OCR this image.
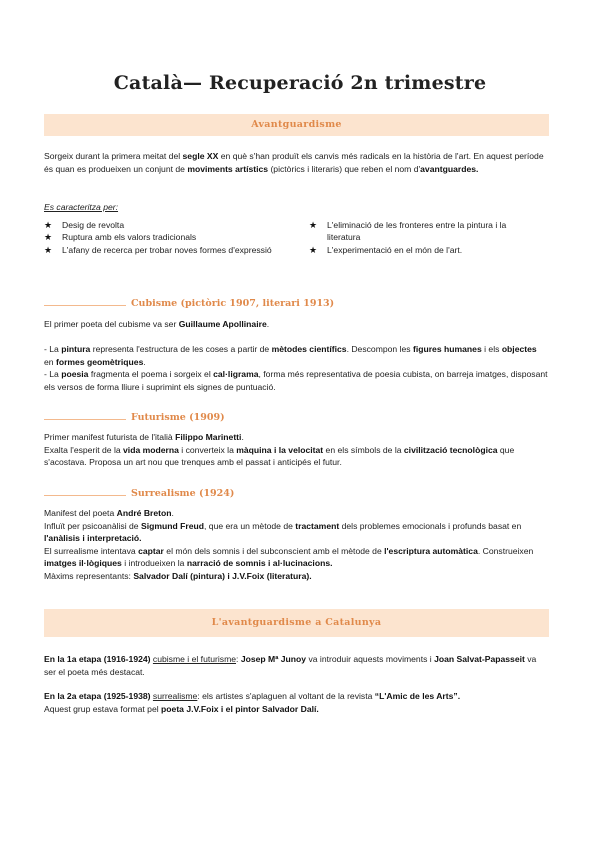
Català— Recuperació 2n trimestre
Avantguardisme
Sorgeix durant la primera meitat del segle XX en què s'han produït els canvis més radicals en la història de l'art. En aquest període és quan es produeixen un conjunt de moviments artístics (pictòrics i literaris) que reben el nom d'avantguardes.
Es caracteritza per:
★ Desig de revolta
★ Ruptura amb els valors tradicionals
★ L'afany de recerca per trobar noves formes d'expressió
★ L'eliminació de les fronteres entre la pintura i la literatura
★ L'experimentació en el món de l'art.
Cubisme (pictòric 1907, literari 1913)
El primer poeta del cubisme va ser Guillaume Apollinaire.
- La pintura representa l'estructura de les coses a partir de mètodes científics. Descompon les figures humanes i els objectes en formes geomètriques.
- La poesia fragmenta el poema i sorgeix el cal·ligrama, forma més representativa de poesia cubista, on barreja imatges, disposant els versos de forma lliure i suprimint els signes de puntuació.
Futurisme (1909)
Primer manifest futurista de l'italià Filippo Marinetti.
Exalta l'esperit de la vida moderna i converteix la màquina i la velocitat en els símbols de la civilització tecnològica que s'acostava. Proposa un art nou que trenques amb el passat i anticipés el futur.
Surrealisme (1924)
Manifest del poeta André Breton.
Influït per psicoanàlisi de Sigmund Freud, que era un mètode de tractament dels problemes emocionals i profunds basat en l'anàlisis i interpretació.
El surrealisme intentava captar el món dels somnis i del subconscient amb el mètode de l'escriptura automàtica. Construeixen imatges il·lògiques i introdueixen la narració de somnis i al·lucinacions.
Màxims representants: Salvador Dalí (pintura) i J.V.Foix (literatura).
L'avantguardisme a Catalunya
En la 1a etapa (1916-1924) cubisme i el futurisme: Josep Mª Junoy va introduir aquests moviments i Joan Salvat-Papasseit va ser el poeta més destacat.
En la 2a etapa (1925-1938) surrealisme: els artistes s'aplaguen al voltant de la revista “L'Amic de les Arts”.
Aquest grup estava format pel poeta J.V.Foix i el pintor Salvador Dalí.
